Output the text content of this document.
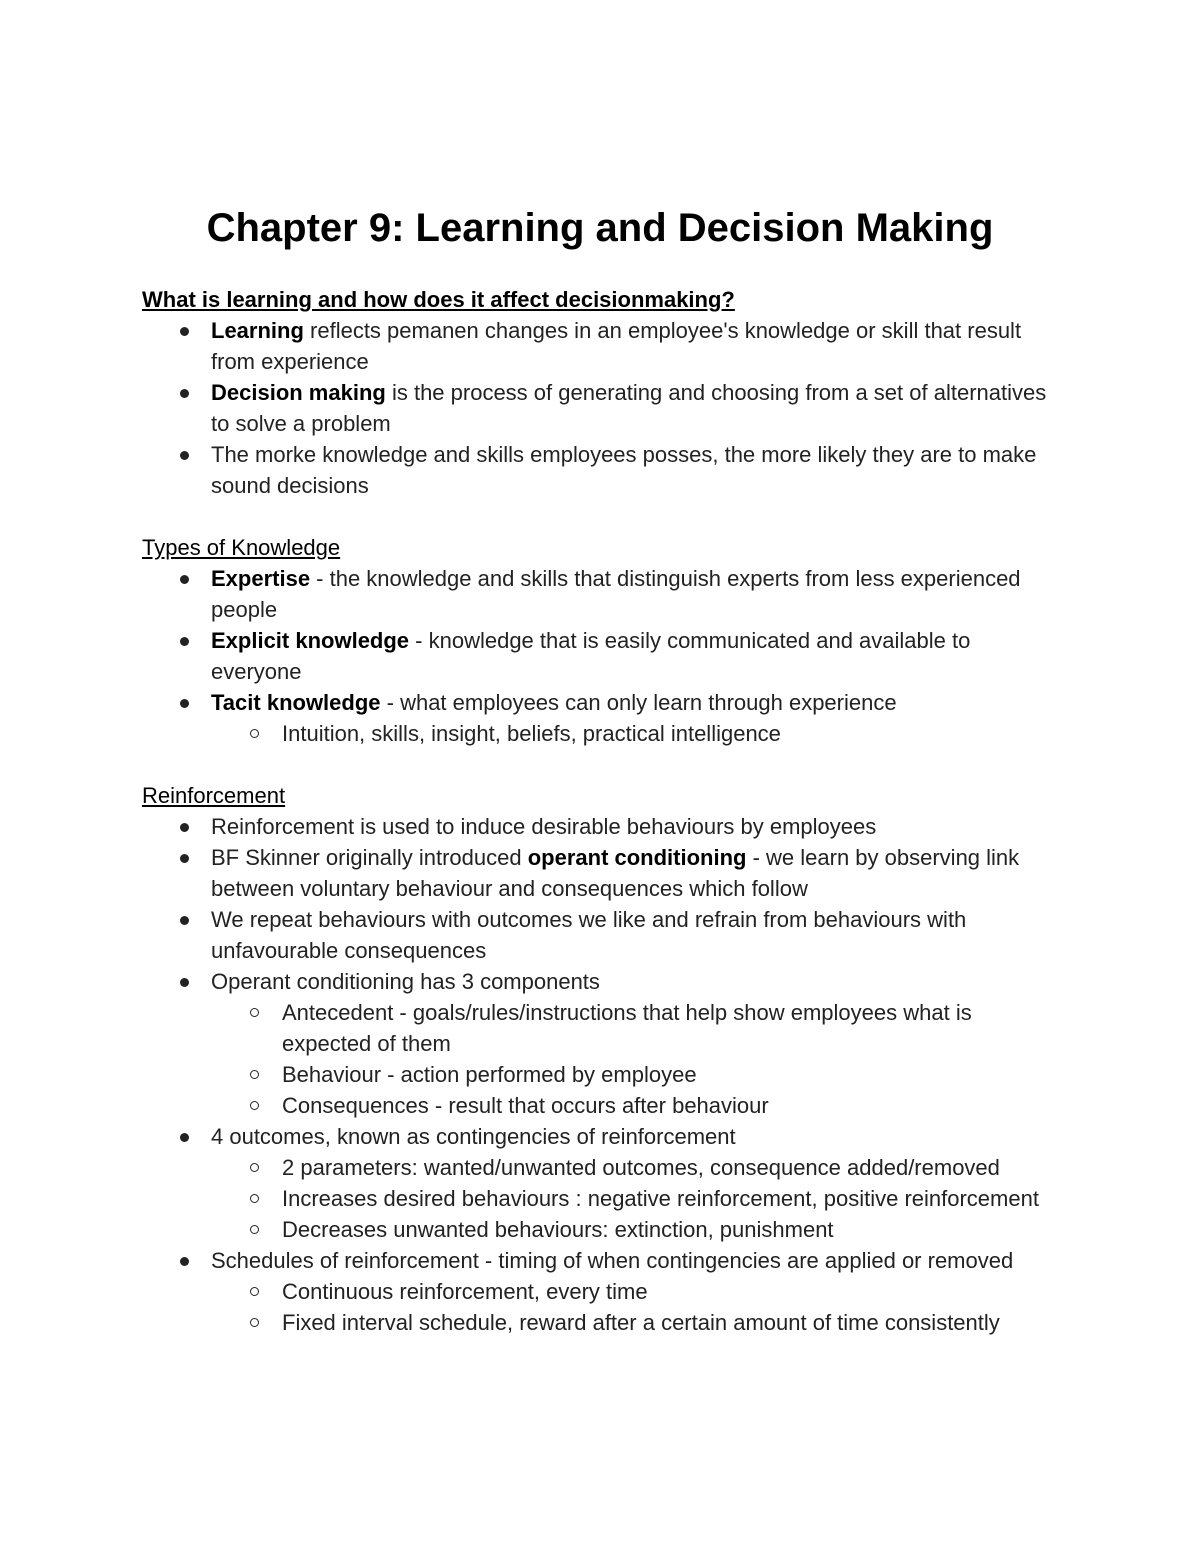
Chapter 9: Learning and Decision Making
What is learning and how does it affect decisionmaking?
Learning reflects pemanen changes in an employee's knowledge or skill that result from experience
Decision making is the process of generating and choosing from a set of alternatives to solve a problem
The morke knowledge and skills employees posses, the more likely they are to make sound decisions
Types of Knowledge
Expertise - the knowledge and skills that distinguish experts from less experienced people
Explicit knowledge - knowledge that is easily communicated and available to everyone
Tacit knowledge - what employees can only learn through experience
Intuition, skills, insight, beliefs, practical intelligence
Reinforcement
Reinforcement is used to induce desirable behaviours by employees
BF Skinner originally introduced operant conditioning - we learn by observing link between voluntary behaviour and consequences which follow
We repeat behaviours with outcomes we like and refrain from behaviours with unfavourable consequences
Operant conditioning has 3 components
Antecedent - goals/rules/instructions that help show employees what is expected of them
Behaviour - action performed by employee
Consequences - result that occurs after behaviour
4 outcomes, known as contingencies of reinforcement
2 parameters: wanted/unwanted outcomes, consequence added/removed
Increases desired behaviours : negative reinforcement, positive reinforcement
Decreases unwanted behaviours: extinction, punishment
Schedules of reinforcement - timing of when contingencies are applied or removed
Continuous reinforcement, every time
Fixed interval schedule, reward after a certain amount of time consistently
